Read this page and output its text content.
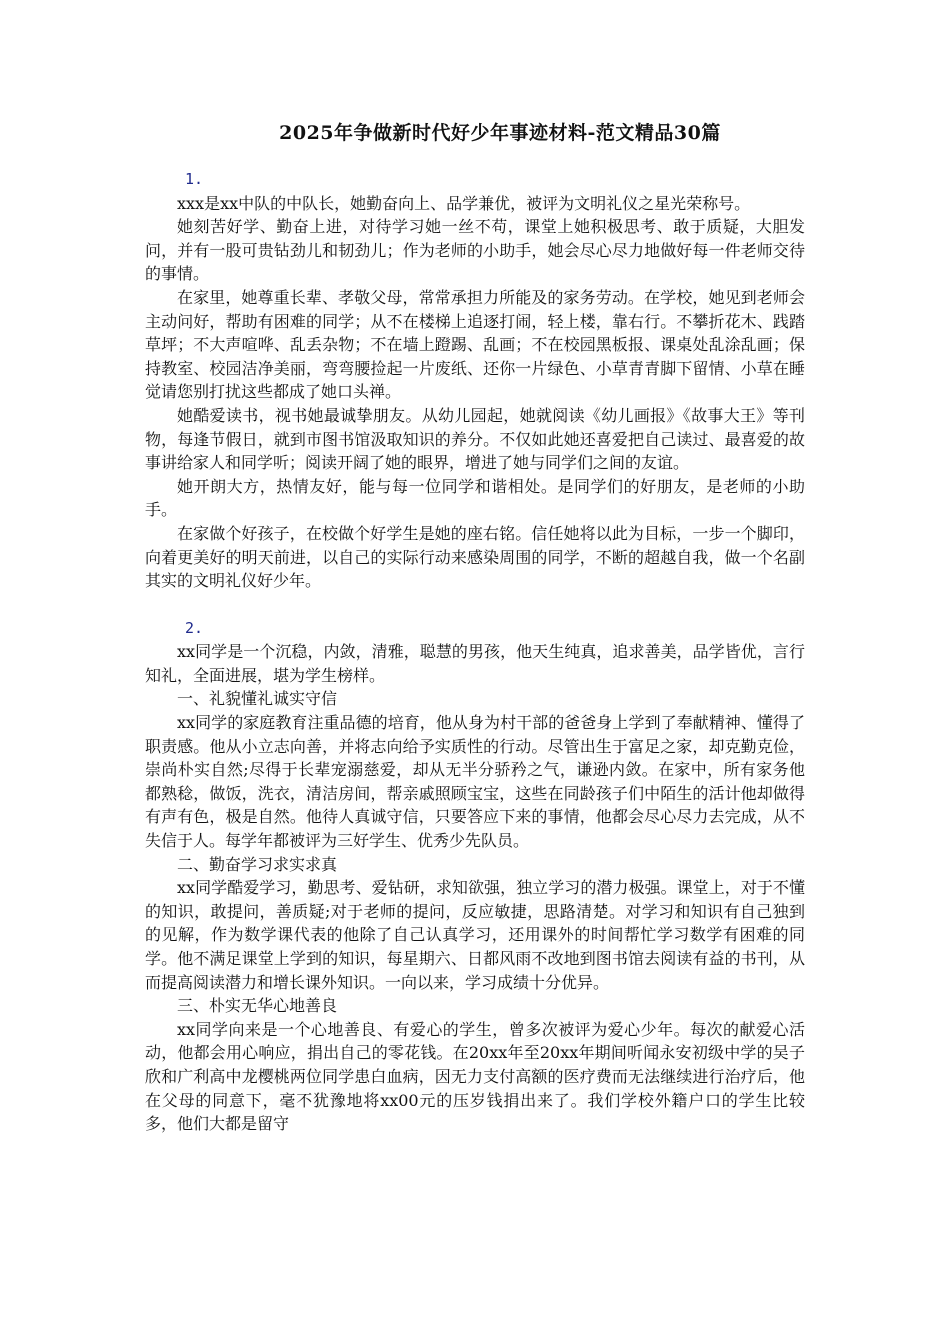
2025年争做新时代好少年事迹材料-范文精品30篇
1.

xxx是xx中队的中队长，她勤奋向上、品学兼优，被评为文明礼仪之星光荣称号。

她刻苦好学、勤奋上进，对待学习她一丝不苟，课堂上她积极思考、敢于质疑，大胆发问，并有一股可贵钻劲儿和韧劲儿；作为老师的小助手，她会尽心尽力地做好每一件老师交待的事情。

在家里，她尊重长辈、孝敬父母，常常承担力所能及的家务劳动。在学校，她见到老师会主动问好，帮助有困难的同学；从不在楼梯上追逐打闹，轻上楼，靠右行。不攀折花木、践踏草坪；不大声喧哗、乱丢杂物；不在墙上蹬踢、乱画；不在校园黑板报、课桌处乱涂乱画；保持教室、校园洁净美丽，弯弯腰捡起一片废纸、还你一片绿色、小草青青脚下留情、小草在睡觉请您别打扰这些都成了她口头禅。

她酷爱读书，视书她最诚挚朋友。从幼儿园起，她就阅读《幼儿画报》《故事大王》等刊物，每逢节假日，就到市图书馆汲取知识的养分。不仅如此她还喜爱把自己读过、最喜爱的故事讲给家人和同学听；阅读开阔了她的眼界，增进了她与同学们之间的友谊。

她开朗大方，热情友好，能与每一位同学和谐相处。是同学们的好朋友，是老师的小助手。

在家做个好孩子，在校做个好学生是她的座右铭。信任她将以此为目标，一步一个脚印，向着更美好的明天前进，以自己的实际行动来感染周围的同学，不断的超越自我，做一个名副其实的文明礼仪好少年。

2.

xx同学是一个沉稳，内敛，清雅，聪慧的男孩，他天生纯真，追求善美，品学皆优，言行知礼，全面进展，堪为学生榜样。

一、礼貌懂礼诚实守信

xx同学的家庭教育注重品德的培育，他从身为村干部的爸爸身上学到了奉献精神、懂得了职责感。他从小立志向善，并将志向给予实质性的行动。尽管出生于富足之家，却克勤克俭，崇尚朴实自然;尽得于长辈宠溺慈爱，却从无半分骄矜之气，谦逊内敛。在家中，所有家务他都熟稔，做饭，洗衣，清洁房间，帮亲戚照顾宝宝，这些在同龄孩子们中陌生的活计他却做得有声有色，极是自然。他待人真诚守信，只要答应下来的事情，他都会尽心尽力去完成，从不失信于人。每学年都被评为三好学生、优秀少先队员。

二、勤奋学习求实求真

xx同学酷爱学习，勤思考、爱钻研，求知欲强，独立学习的潜力极强。课堂上，对于不懂的知识，敢提问，善质疑;对于老师的提问，反应敏捷，思路清楚。对学习和知识有自己独到的见解，作为数学课代表的他除了自己认真学习，还用课外的时间帮忙学习数学有困难的同学。他不满足课堂上学到的知识，每星期六、日都风雨不改地到图书馆去阅读有益的书刊，从而提高阅读潜力和增长课外知识。一向以来，学习成绩十分优异。

三、朴实无华心地善良

xx同学向来是一个心地善良、有爱心的学生，曾多次被评为爱心少年。每次的献爱心活动，他都会用心响应，捐出自己的零花钱。在20xx年至20xx年期间听闻永安初级中学的吴子欣和广利高中龙樱桃两位同学患白血病，因无力支付高额的医疗费而无法继续进行治疗后，他在父母的同意下，毫不犹豫地将xx00元的压岁钱捐出来了。我们学校外籍户口的学生比较多，他们大都是留守
